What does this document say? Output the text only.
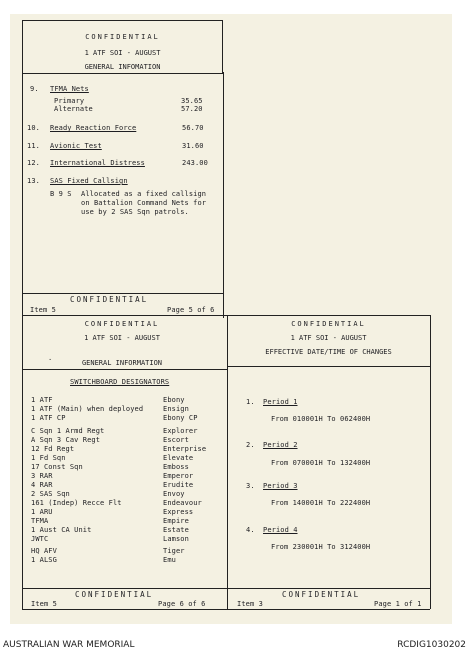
CONFIDENTIAL
1 ATF SOI - AUGUST
GENERAL INFOMATION
9. TFMA Nets
Primary	35.65
Alternate	57.20
10. Ready Reaction Force	56.70
11. Avionic Test	31.60
12. International Distress	243.00
13. SAS Fixed Callsign
B 9 S Allocated as a fixed callsign
on Battalion Command Nets for
use by 2 SAS Sqn patrols.
CONFIDENTIAL
Item 5	Page 5 of 6
CONFIDENTIAL
1 ATF SOI - AUGUST
·	GENERAL INFORMATION
SWITCHBOARD DESIGNATORS
1 ATF	Ebony
1 ATF (Main) when deployed	Ensign
1 ATF CP	Ebony CP
C Sqn 1 Armd Regt	Explorer
A Sqn 3 Cav Regt	Escort
12 Fd Regt	Enterprise
1 Fd Sqn	Elevate
17 Const Sqn	Emboss
3 RAR	Emperor
4 RAR	Erudite
2 SAS Sqn	Envoy
161 (Indep) Recce Flt	Endeavour
1 ARU	Express
TFMA	Empire
1 Aust CA Unit	Estate
JWTC	Lamson
HQ AFV	Tiger
1 ALSG	Emu
CONFIDENTIAL
Item 5	Page 6 of 6
CONFIDENTIAL
1 ATF SOI - AUGUST
EFFECTIVE DATE/TIME OF CHANGES
1. Period 1
From 010001H To 062400H
2. Period 2
From 070001H To 132400H
3. Period 3
From 140001H To 222400H
4. Period 4
From 230001H To 312400H
CONFIDENTIAL
Item 3	Page 1 of 1
AUSTRALIAN WAR MEMORIAL	RCDIG1030202
